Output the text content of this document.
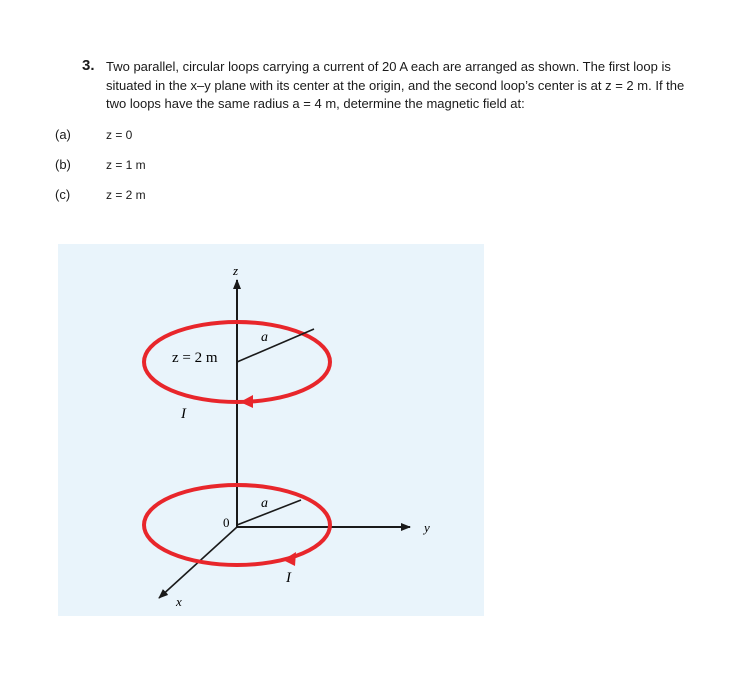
3. Two parallel, circular loops carrying a current of 20 A each are arranged as shown. The first loop is situated in the x–y plane with its center at the origin, and the second loop’s center is at z = 2 m. If the two loops have the same radius a = 4 m, determine the magnetic field at:
(a)	z = 0
(b)	z = 1 m
(c)	z = 2 m
z
y
x
0
z = 2 m
a
a
I
I
